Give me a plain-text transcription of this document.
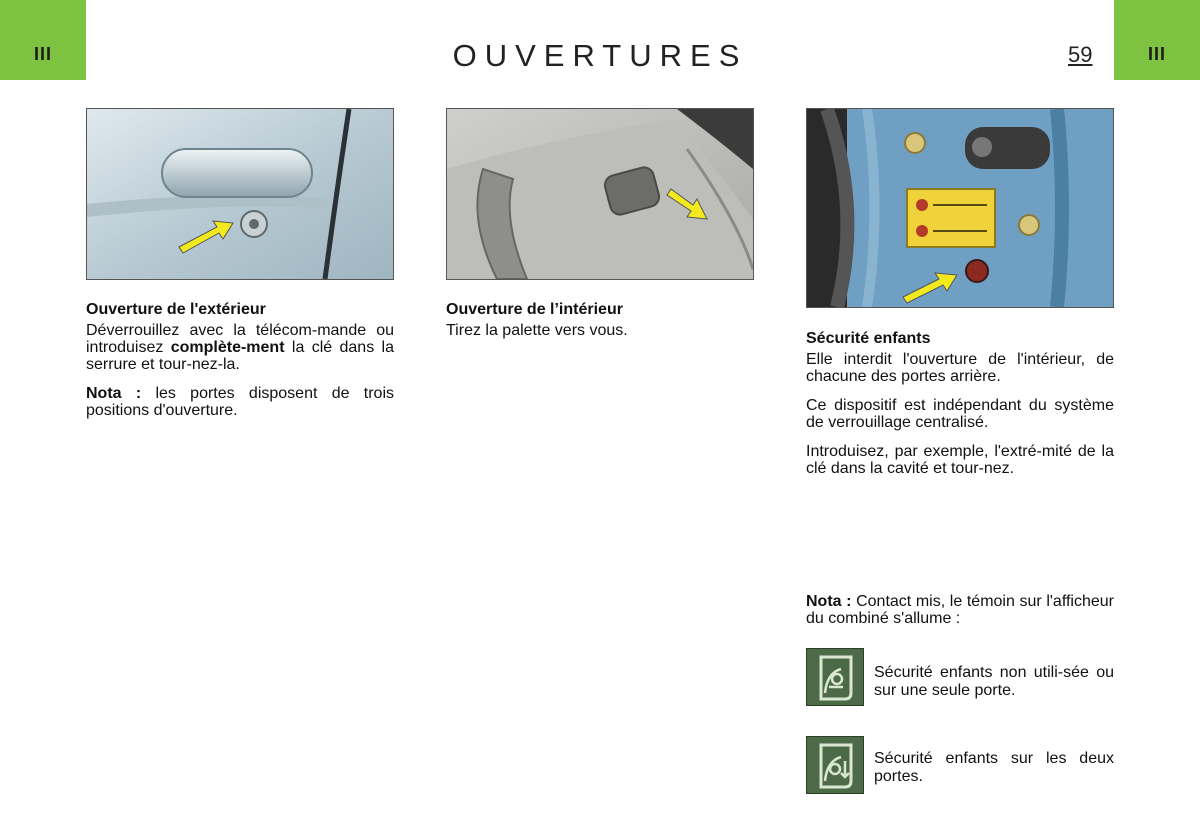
III	III
OUVERTURES	59
Ouverture de l'extérieur

Déverrouillez avec la télécom-mande ou introduisez complète-ment la clé dans la serrure et tour-nez-la.

Nota : les portes disposent de trois positions d'ouverture.

Ouverture de l’intérieur

Tirez la palette vers vous.	Sécurité enfants

Elle interdit l'ouverture de l'intérieur, de chacune des portes arrière.

Ce dispositif est indépendant du système de verrouillage centralisé.

Introduisez, par exemple, l'extré-mité de la clé dans la cavité et tour-nez.

Nota : Contact mis, le témoin sur l'afficheur du combiné s'allume :

Sécurité enfants non utili-sée ou sur une seule porte.
Sécurité enfants sur les deux portes.
